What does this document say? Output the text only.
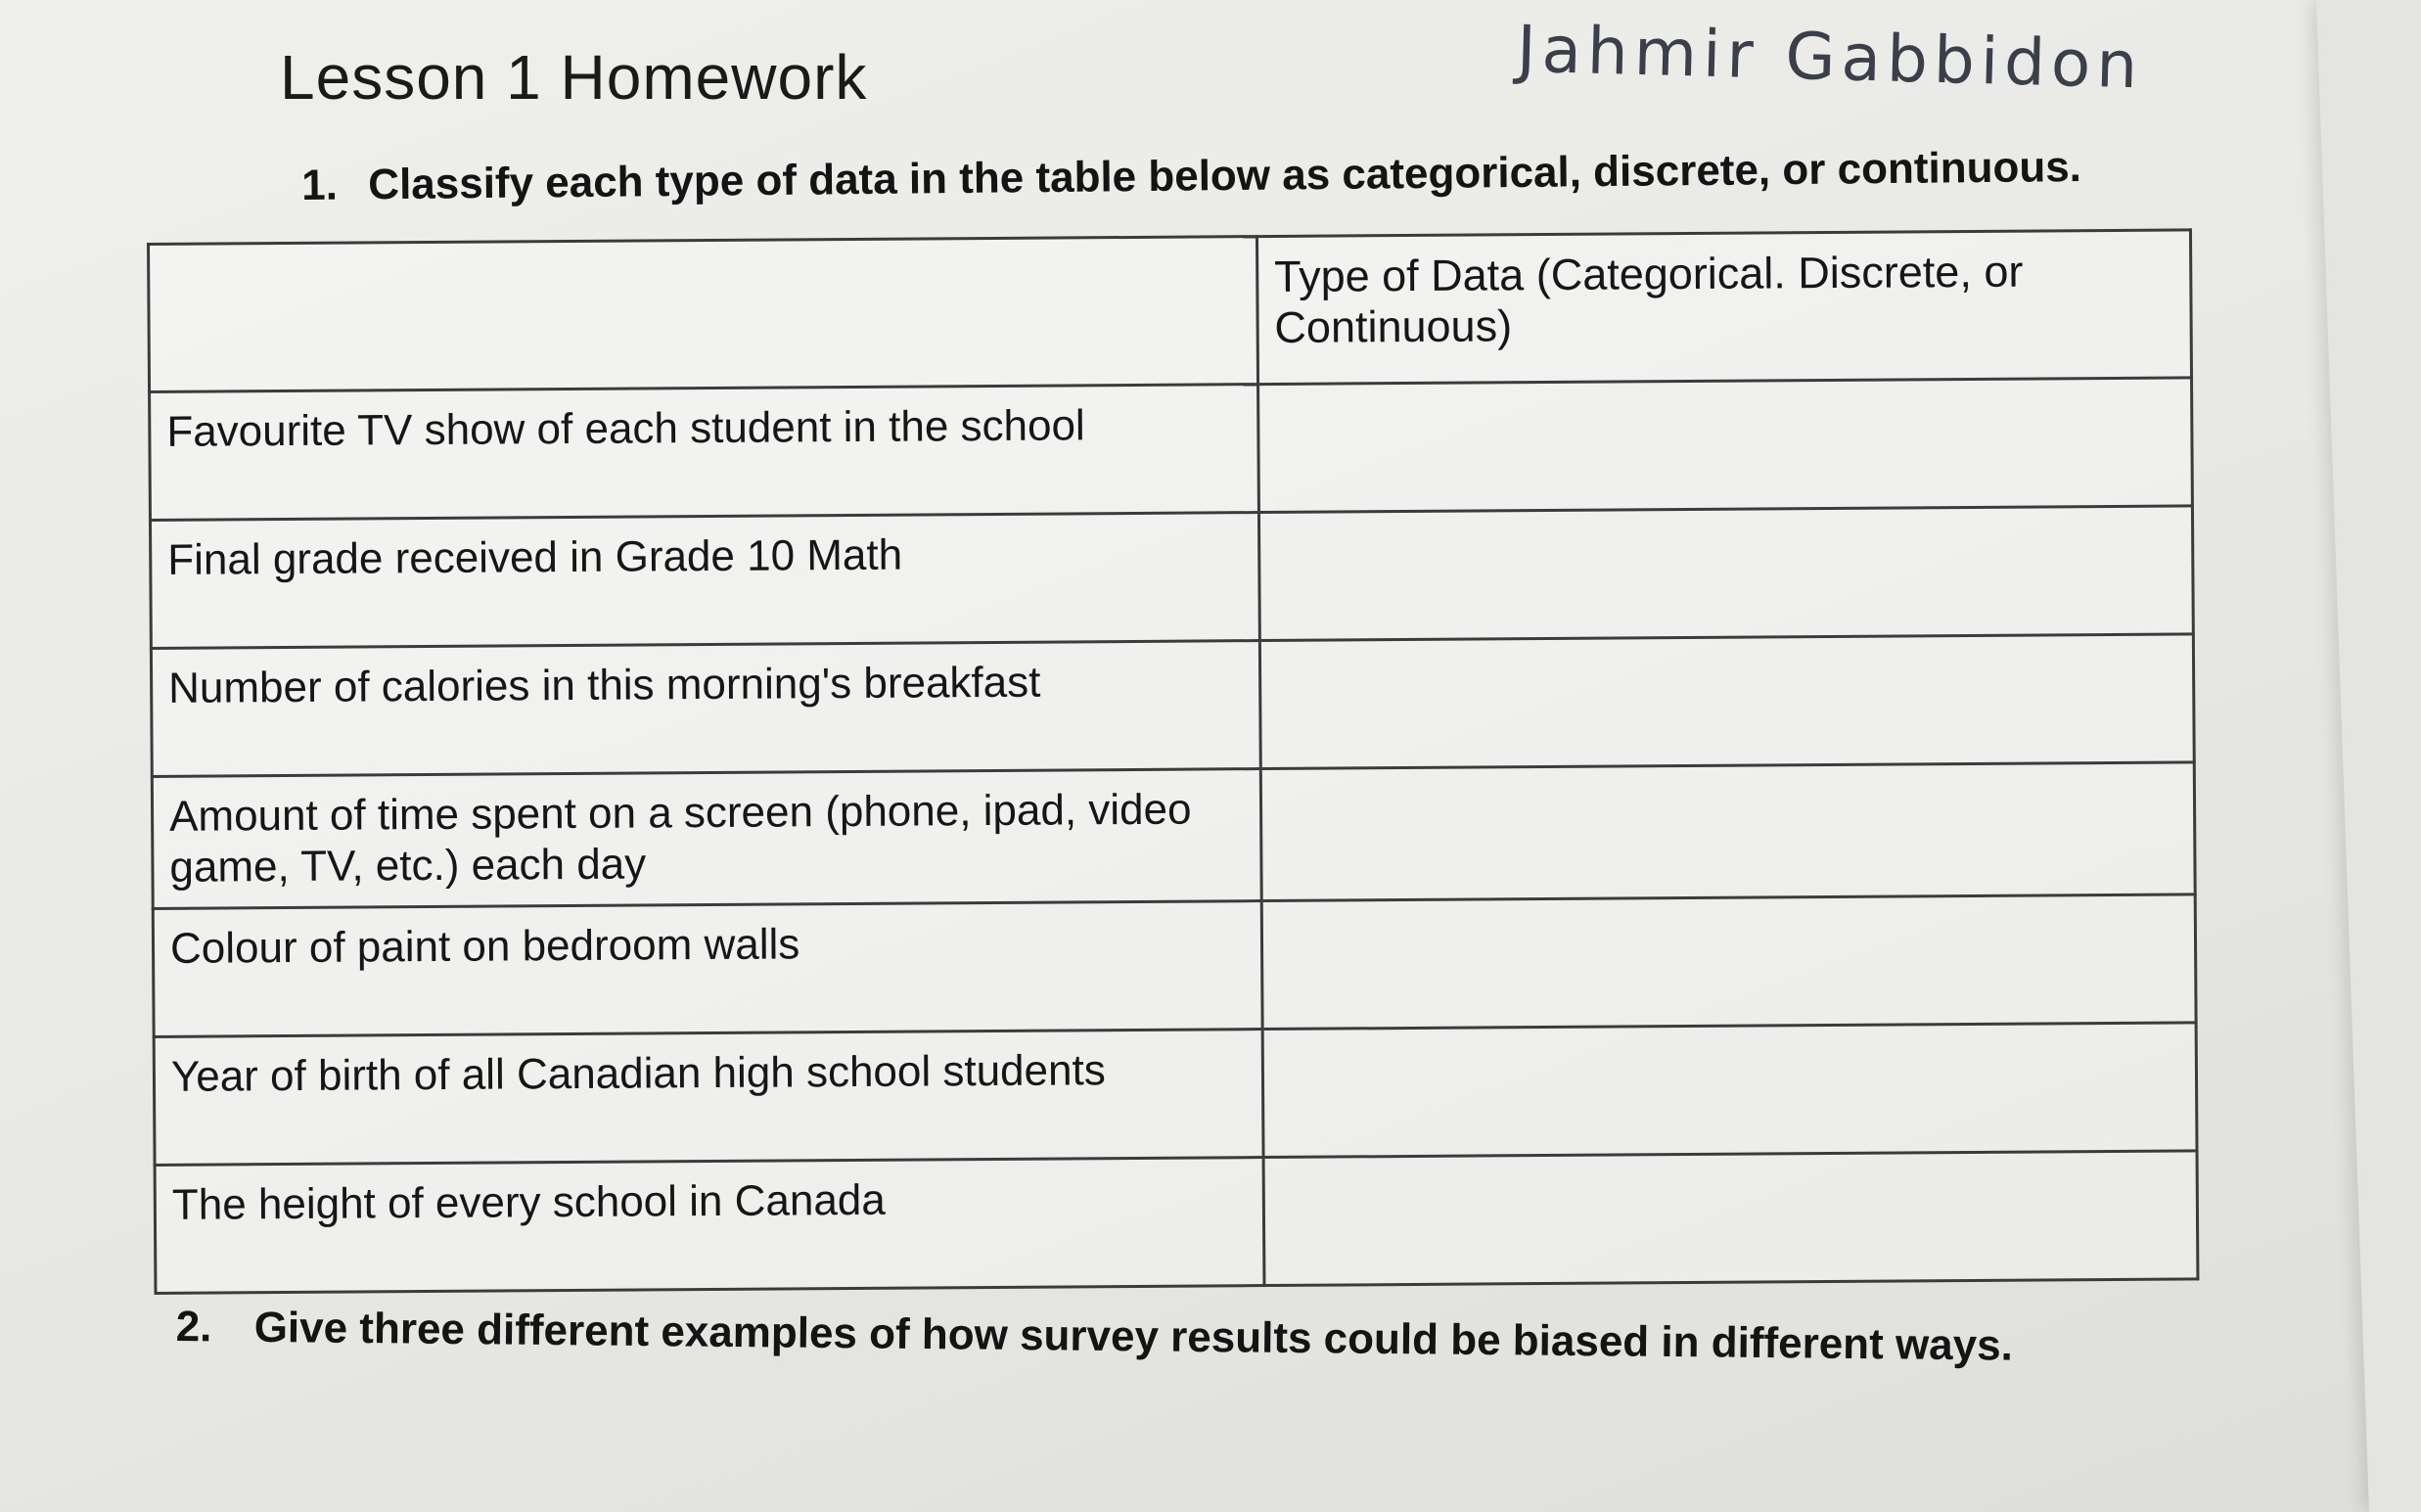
Lesson 1 Homework	Jahmir Gabbidon

1. Classify each type of data in the table below as categorical, discrete, or continuous.

	Type of Data (Categorical. Discrete, or Continuous)
Favourite TV show of each student in the school	
Final grade received in Grade 10 Math	
Number of calories in this morning's breakfast	
Amount of time spent on a screen (phone, ipad, video game, TV, etc.) each day	
Colour of paint on bedroom walls	
Year of birth of all Canadian high school students	
The height of every school in Canada	

2. Give three different examples of how survey results could be biased in different ways.
